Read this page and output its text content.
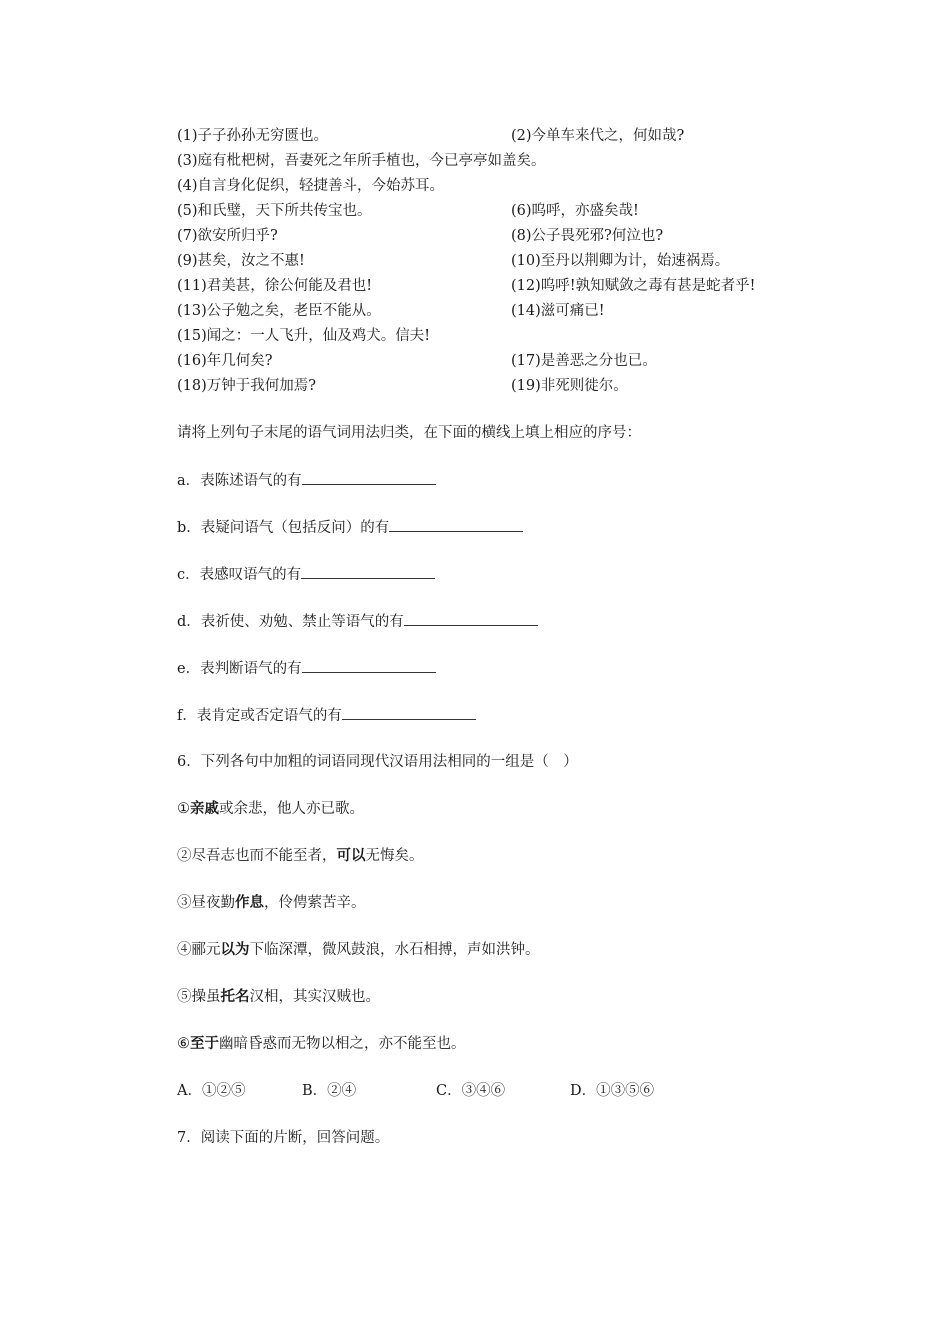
(1)子子孙孙无穷匮也。	(2)今单车来代之，何如哉?
(3)庭有枇杷树，吾妻死之年所手植也，今已亭亭如盖矣。
(4)自言身化促织，轻捷善斗，今始苏耳。
(5)和氏璧，天下所共传宝也。	(6)呜呼，亦盛矣哉!
(7)欲安所归乎?	(8)公子畏死邪?何泣也?
(9)甚矣，汝之不惠!	(10)至丹以荆卿为计，始速祸焉。
(11)君美甚，徐公何能及君也!	(12)呜呼!孰知赋敛之毒有甚是蛇者乎!
(13)公子勉之矣，老臣不能从。	(14)滋可痛已!
(15)闻之：一人飞升，仙及鸡犬。信夫!
(16)年几何矣?	(17)是善恶之分也已。
(18)万钟于我何加焉?	(19)非死则徙尔。
请将上列句子末尾的语气词用法归类，在下面的横线上填上相应的序号：
a．表陈述语气的有
b．表疑问语气（包括反问）的有
c．表感叹语气的有
d．表祈使、劝勉、禁止等语气的有
e．表判断语气的有
f．表肯定或否定语气的有
6．下列各句中加粗的词语同现代汉语用法相同的一组是（　）
①亲戚或余悲，他人亦已歌。
②尽吾志也而不能至者，可以无悔矣。
③昼夜勤作息，伶俜萦苦辛。
④郦元以为下临深潭，微风鼓浪，水石相搏，声如洪钟。
⑤操虽托名汉相，其实汉贼也。
⑥至于幽暗昏惑而无物以相之，亦不能至也。
A．①②⑤	B．②④	C．③④⑥	D．①③⑤⑥
7．阅读下面的片断，回答问题。
